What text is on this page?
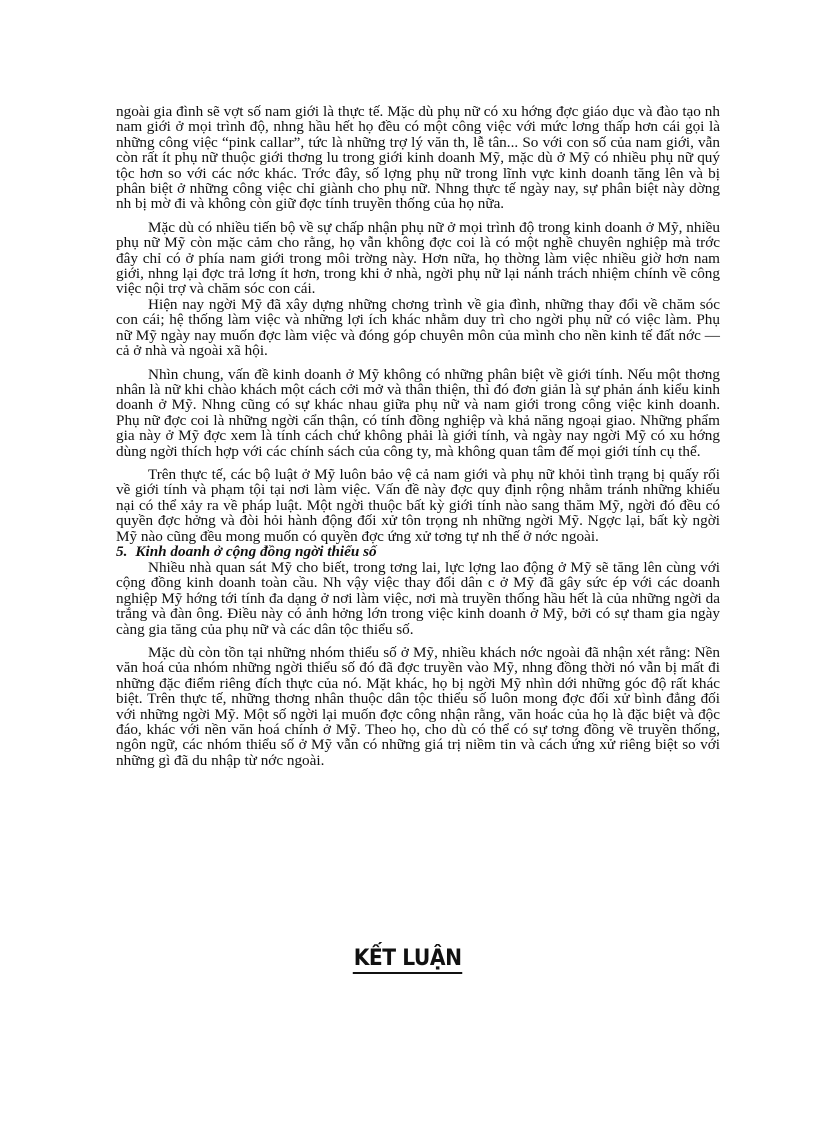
ngoài gia đình sẽ vợt số nam giới là thực tế. Mặc dù phụ nữ có xu hớng đợc giáo dục và đào tạo nh nam giới ở mọi trình độ, nhng hầu hết họ đều có một công việc với mức lơng thấp hơn cái gọi là những công việc “pink callar”, tức là những trợ lý văn th, lễ tân... So với con số của nam giới, vẫn còn rất ít phụ nữ thuộc giới thơng lu trong giới kinh doanh Mỹ, mặc dù ở Mỹ có nhiều phụ nữ quý tộc hơn so với các nớc khác. Trớc đây, số lợng phụ nữ trong lĩnh vực kinh doanh tăng lên và bị phân biệt ở những công việc chỉ giành cho phụ nữ. Nhng thực tế ngày nay, sự phân biệt này dờng nh bị mờ đi và không còn giữ đợc tính truyền thống của họ nữa.

Mặc dù có nhiều tiến bộ về sự chấp nhận phụ nữ ở mọi trình độ trong kinh doanh ở Mỹ, nhiều phụ nữ Mỹ còn mặc cảm cho rằng, họ vẫn không đợc coi là có một nghề chuyên nghiệp mà trớc đây chỉ có ở phía nam giới trong môi trờng này. Hơn nữa, họ thờng làm việc nhiều giờ hơn nam giới, nhng lại đợc trả lơng ít hơn, trong khi ở nhà, ngời phụ nữ lại nánh trách nhiệm chính về công việc nội trợ và chăm sóc con cái.

Hiện nay ngời Mỹ đã xây dựng những chơng trình về gia đình, những thay đổi về chăm sóc con cái; hệ thống làm việc và những lợi ích khác nhằm duy trì cho ngời phụ nữ có việc làm. Phụ nữ Mỹ ngày nay muốn đợc làm việc và đóng góp chuyên môn của mình cho nền kinh tế đất nớc — cả ở nhà và ngoài xã hội.

Nhìn chung, vấn đề kinh doanh ở Mỹ không có những phân biệt về giới tính. Nếu một thơng nhân là nữ khi chào khách một cách cởi mở và thân thiện, thì đó đơn giản là sự phản ánh kiểu kinh doanh ở Mỹ. Nhng cũng có sự khác nhau giữa phụ nữ và nam giới trong công việc kinh doanh. Phụ nữ đợc coi là những ngời cẩn thận, có tính đồng nghiệp và khả năng ngoại giao. Những phẩm gia này ở Mỹ đợc xem là tính cách chứ không phải là giới tính, và ngày nay ngời Mỹ có xu hớng dùng ngời thích hợp với các chính sách của công ty, mà không quan tâm đế mọi giới tính cụ thể.

Trên thực tế, các bộ luật ở Mỹ luôn bảo vệ cả nam giới và phụ nữ khỏi tình trạng bị quấy rối về giới tính và phạm tội tại nơi làm việc. Vấn đề này đợc quy định rộng nhằm tránh những khiếu nại có thể xảy ra về pháp luật. Một ngời thuộc bất kỳ giới tính nào sang thăm Mỹ, ngời đó đều có quyền đợc hởng và đòi hỏi hành động đối xử tôn trọng nh những ngời Mỹ. Ngợc lại, bất kỳ ngời Mỹ nào cũng đều mong muốn có quyền đợc ứng xử tơng tự nh thế ở nớc ngoài.

5. Kinh doanh ở cộng đồng ngời thiểu số

Nhiều nhà quan sát Mỹ cho biết, trong tơng lai, lực lợng lao động ở Mỹ sẽ tăng lên cùng với cộng đồng kinh doanh toàn cầu. Nh vậy việc thay đổi dân c ở Mỹ đã gây sức ép với các doanh nghiệp Mỹ hớng tới tính đa dạng ở nơi làm việc, nơi mà truyền thống hầu hết là của những ngời da trắng và đàn ông. Điều này có ảnh hởng lớn trong việc kinh doanh ở Mỹ, bởi có sự tham gia ngày càng gia tăng của phụ nữ và các dân tộc thiểu số.

Mặc dù còn tồn tại những nhóm thiểu số ở Mỹ, nhiều khách nớc ngoài đã nhận xét rằng: Nền văn hoá của nhóm những ngời thiểu số đó đã đợc truyền vào Mỹ, nhng đồng thời nó vẫn bị mất đi những đặc điểm riêng đích thực của nó. Mặt khác, họ bị ngời Mỹ nhìn dới những góc độ rất khác biệt. Trên thực tế, những thơng nhân thuộc dân tộc thiểu số luôn mong đợc đối xử bình đẳng đối với những ngời Mỹ. Một số ngời lại muốn đợc công nhận rằng, văn hoác của họ là đặc biệt và độc đáo, khác với nền văn hoá chính ở Mỹ. Theo họ, cho dù có thể có sự tơng đồng về truyền thống, ngôn ngữ, các nhóm thiểu số ở Mỹ vẫn có những giá trị niềm tin và cách ứng xử riêng biệt so với những gì đã du nhập từ nớc ngoài.

KẾT LUẬN
